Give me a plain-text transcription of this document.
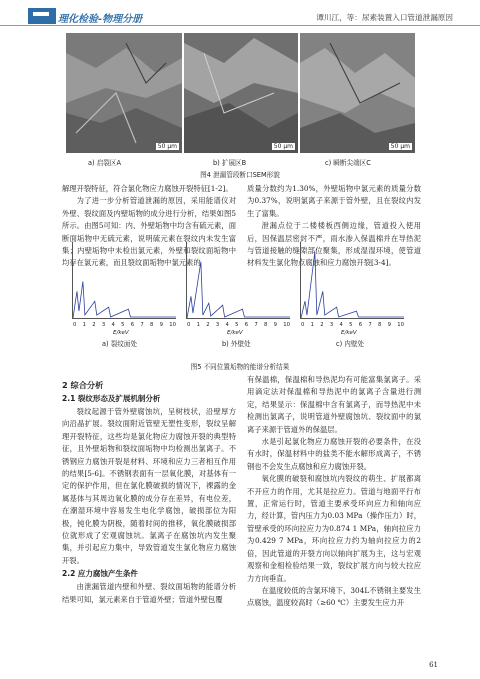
理化检验-物理分册	谭川江，等：尿素装置入口管道泄漏原因
50 μm	50 μm	50 μm
a) 启裂区A	b) 扩展区B	c) 瞬断尖端区C
图4 泄漏管段断口SEM形貌

解理开裂特征，符合氯化物应力腐蚀开裂特征[1-2]。

为了进一步分析管道泄漏的原因，采用能谱仪对外壁、裂纹面及内壁垢物的成分进行分析，结果如图5所示。由图5可知：内、外壁垢物中均含有硫元素，面断面垢物中无硫元素，说明硫元素在裂纹内未发生富集；内壁垢物中未检出氯元素，外壁和裂纹面垢物中均存在氯元素，而且裂纹面垢物中氯元素的

质量分数约为1.30%，外壁垢物中氯元素的质量分数为0.37%，说明氯离子来源于管外壁，且在裂纹内发生了富集。

泄漏点位于二楼楼板西侧边缘，管道投入使用后，因保温层密封不严，雨水渗入保温棉并在导热泥与管道接触的缝隙部位聚集，形成湿湿环境，使管道材料发生氯化物点腐蚀和应力腐蚀开裂[3-4]。

0 1 2 3 4 5 6 7 8 9 10 0 1 2 3 4 5 6 7 8 9 10 0 1 2 3 4 5 6 7 8 9 10
E/keV	E/keV	E/keV
a) 裂纹面处	b) 外壁处	c) 内壁处
图5 不同位置垢物的能谱分析结果
2 综合分析
2.1 裂纹形态及扩展机制分析

裂纹起源于管外壁腐蚀坑，呈树枝状，沿壁厚方向沿晶扩展。裂纹面附近管壁无塑性变形，裂纹呈解理开裂特征，这些均是氯化物应力腐蚀开裂的典型特征，且外壁垢物和裂纹面垢物中均检测出氯离子。不锈钢应力腐蚀开裂是材料、环境和应力三者相互作用的结果[5-6]。不锈钢表面有一层氧化膜，对基体有一定的保护作用，但在氯化膜破损的情况下，裸露的金属基体与其周边氧化膜的成分存在差异，有电位差，在潮湿环境中容易发生电化学腐蚀，破损部位为阳极，钝化膜为阴极，随着时间的推移，氧化膜破损部位就形成了宏观腐蚀坑。氯离子在腐蚀坑内发生聚集，并引起应力集中，导致管道发生氯化物应力腐蚀开裂。

2.2 应力腐蚀产生条件

由泄漏管道内壁和外壁、裂纹面垢物的能谱分析结果可知，氯元素来自于管道外壁；管道外壁包覆

有保温棉，保温棉和导热泥均有可能富集氯离子。采用滴定法对保温棉和导热泥中的氯离子含量进行测定，结果显示：保温棉中含有氯离子，而导热泥中未检测出氯离子，说明管道外壁腐蚀坑、裂纹面中的氯离子来源于管道外的保温层。

水是引起氯化物应力腐蚀开裂的必要条件，在没有水时，保温材料中的盐类不能水解形成离子，不锈钢也不会发生点腐蚀和应力腐蚀开裂。

氧化膜的破裂和腐蚀坑内裂纹的萌生、扩展都离不开应力的作用，尤其是拉应力。管道与地面平行布置，正常运行时，管道主要承受环向应力和轴向应力，经计算，管内压力为0.03 MPa（操作压力）时，管壁承受的环向拉应力为0.874 1 MPa，轴向拉应力为0.429 7 MPa，环向拉应力约为轴向拉应力的2倍，因此管道的开裂方向以轴向扩展为主，这与宏观观察和金相检验结果一致，裂纹扩展方向与较大拉应力方向垂直。

在温度较低的含氯环境下，304L不锈钢主要发生点腐蚀，温度较高时（≥60 ℃）主要发生应力开

61
